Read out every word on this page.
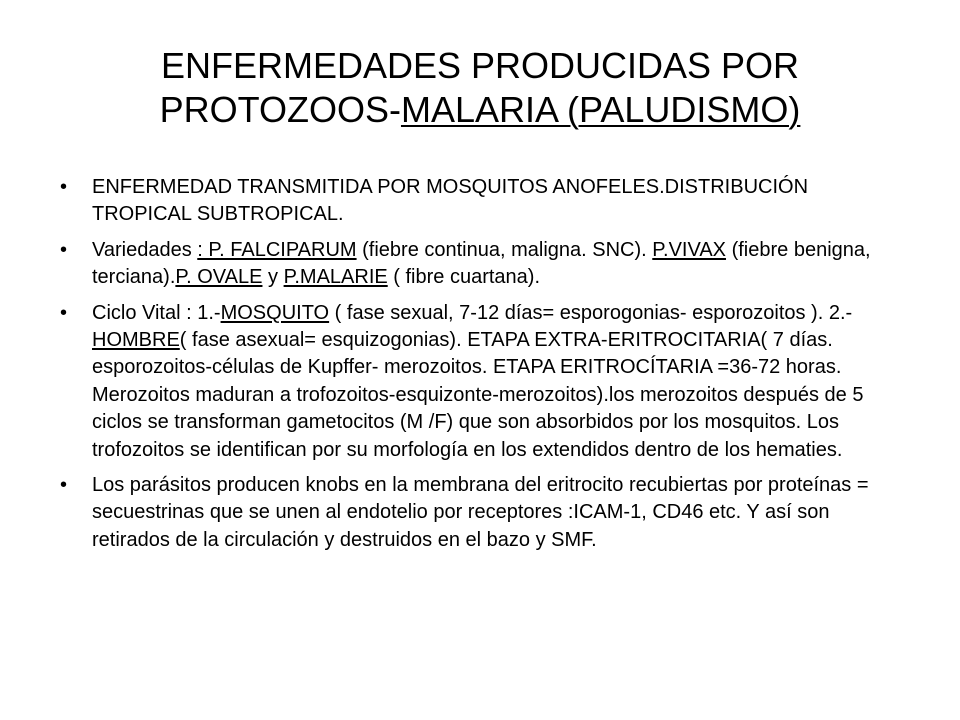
ENFERMEDADES PRODUCIDAS POR PROTOZOOS-MALARIA (PALUDISMO)
• ENFERMEDAD TRANSMITIDA POR MOSQUITOS ANOFELES.DISTRIBUCIÓN TROPICAL SUBTROPICAL.
• Variedades : P. FALCIPARUM (fiebre continua, maligna. SNC). P.VIVAX (fiebre benigna, terciana).P. OVALE y P.MALARIE ( fibre cuartana).
• Ciclo Vital : 1.-MOSQUITO ( fase sexual, 7-12 días= esporogonias- esporozoitos ). 2.- HOMBRE( fase asexual= esquizogonias). ETAPA EXTRA-ERITROCITARIA( 7 días. esporozoitos-células de Kupffer- merozoitos. ETAPA ERITROCÍTARIA =36-72 horas. Merozoitos maduran a trofozoitos-esquizonte-merozoitos).los merozoitos después de 5 ciclos se transforman gametocitos (M /F) que son absorbidos por los mosquitos. Los trofozoitos se identifican por su morfología en los extendidos dentro de los hematies.
• Los parásitos producen knobs en la membrana del eritrocito recubiertas por proteínas = secuestrinas que se unen al endotelio por receptores :ICAM-1, CD46 etc. Y así son retirados de la circulación y destruidos en el bazo y SMF.
